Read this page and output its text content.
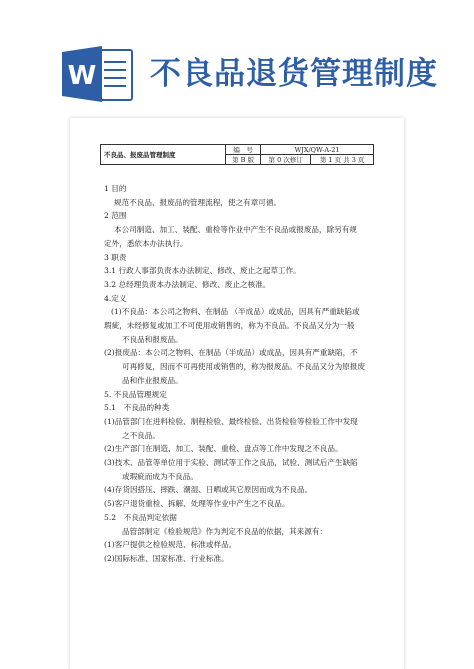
W 不良品退货管理制度
不良品、报废品管理制度	编　号	WJX/QW-A-21	
	第 B 版	第 0 次修订	第 1 页 共 3 页
1 目的
规范不良品、报废品的管理流程，使之有章可循。
2 范围
本公司制造、加工、装配、重检等作业中产生不良品或报废品，除另有规
定外，悉依本办法执行。
3 职责
3.1 行政人事部负责本办法制定、修改、废止之起草工作。
3.2 总经理负责本办法制定、修改、废止之核准。
4.定义
(1)不良品：本公司之物料、在制品 （半成品）或成品，因具有严重缺陷或
瑕疵，未经修复或加工不可使用或销售的，称为不良品。不良品又分为一般
不良品和报废品。
(2)报废品：本公司之物料、在制品（半成品）或成品，因具有严重缺陷，不
可再修复，因而不可再使用或销售的，称为报废品。不良品又分为原报废
品和作业报废品。
5. 不良品管理规定
5.1　不良品的种类
(1)品管部门在进料检验、制程检验、最终检验、出货检验等检验工作中发现
之不良品。
(2)生产部门在制造、加工、装配、重检、盘点等工作中发现之不良品。
(3)技术、品管等单位用于实验、测试等工作之良品，试验、测试后产生缺陷
或瑕疵而成为不良品。
(4)存货因搭压、摔跌、潮湿、日晒或其它原因而成为不良品。
(5)客户退货重检、拆解、处理等作业中产生之不良品。
5.2　不良品判定依据
品管部制定《检验规范》作为判定不良品的依据，其来源有：
(1)客户提供之检验规范、标准或样品。
(2)国际标准、国家标准、行业标准。
